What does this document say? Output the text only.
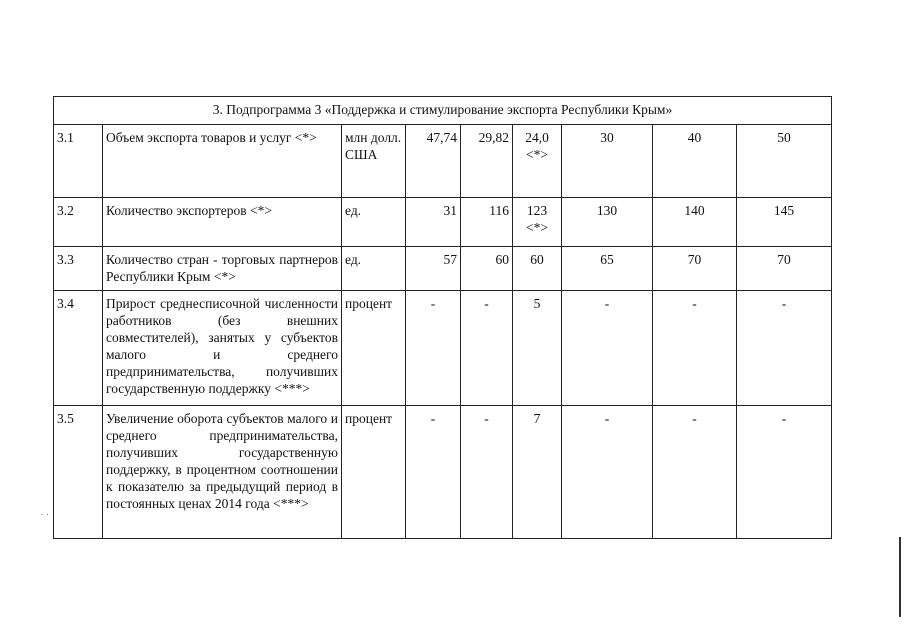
3. Подпрограмма 3 «Поддержка и стимулирование экспорта Республики Крым»								
3.1	Объем экспорта товаров и услуг <*>	млн долл. США	47,74	29,82	24,0 <*>	30	40	50
3.2	Количество экспортеров <*>	ед.	31	116	123 <*>	130	140	145
3.3	Количество стран - торговых партнеров Республики Крым <*>	ед.	57	60	60	65	70	70
3.4	Прирост среднесписочной численности работников (без внешних совместителей), занятых у субъектов малого и среднего предпринимательства, получивших государственную поддержку <***>	процент	-	-	5	-	-	-
3.5	Увеличение оборота субъектов малого и среднего предпринимательства, получивших государственную поддержку, в процентном соотношении к показателю за предыдущий период в постоянных ценах 2014 года <***>	процент	-	-	7	-	-	-
· ·
